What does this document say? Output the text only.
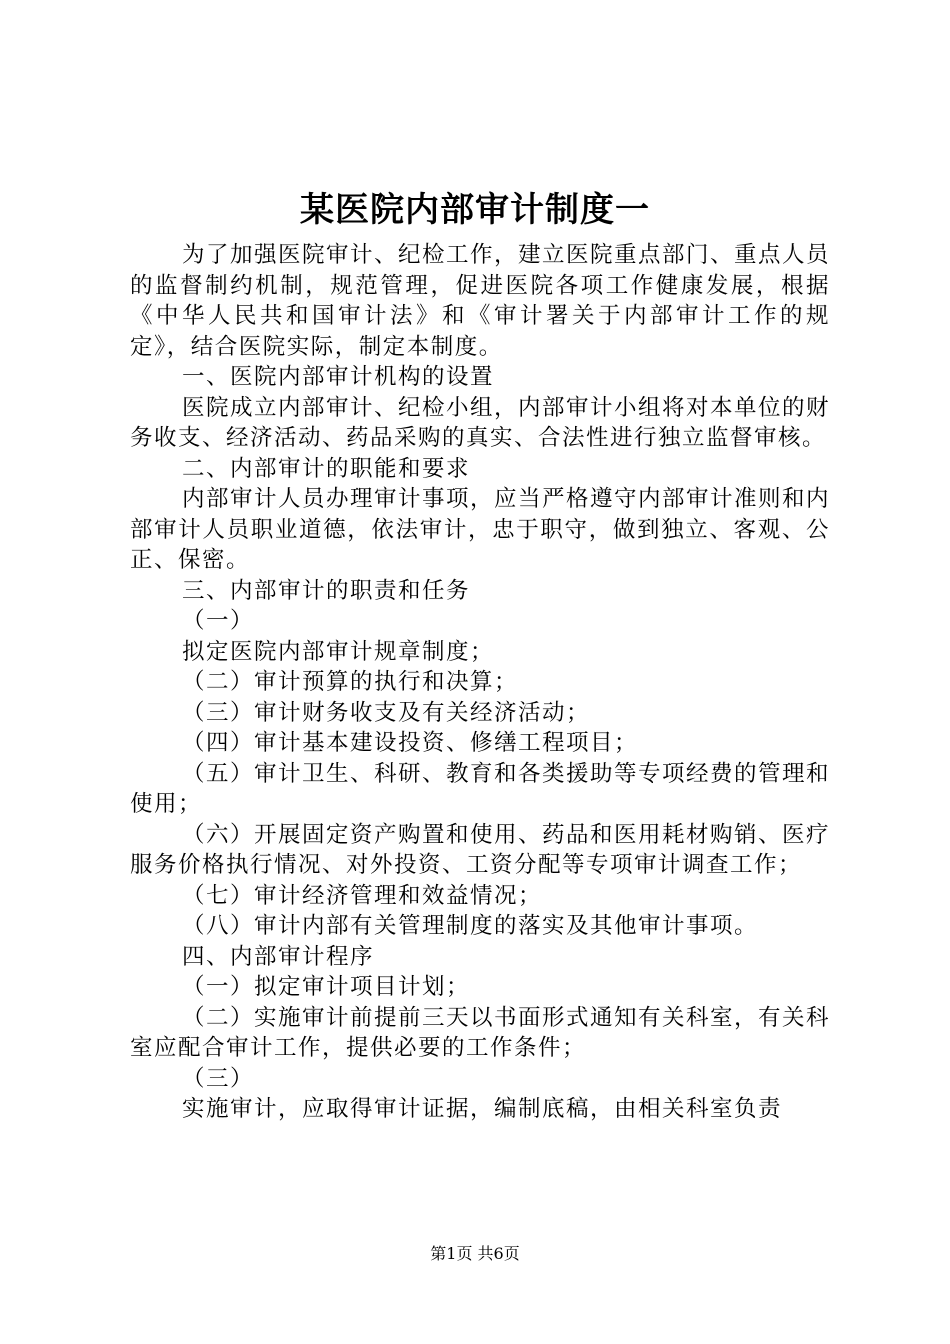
某医院内部审计制度一

为了加强医院审计、纪检工作，建立医院重点部门、重点人员的监督制约机制，规范管理，促进医院各项工作健康发展，根据《中华人民共和国审计法》和《审计署关于内部审计工作的规定》，结合医院实际，制定本制度。

一、医院内部审计机构的设置

医院成立内部审计、纪检小组，内部审计小组将对本单位的财务收支、经济活动、药品采购的真实、合法性进行独立监督审核。

二、内部审计的职能和要求

内部审计人员办理审计事项，应当严格遵守内部审计准则和内部审计人员职业道德，依法审计，忠于职守，做到独立、客观、公正、保密。

三、内部审计的职责和任务

（一）

拟定医院内部审计规章制度；

（二）审计预算的执行和决算；

（三）审计财务收支及有关经济活动；

（四）审计基本建设投资、修缮工程项目；

（五）审计卫生、科研、教育和各类援助等专项经费的管理和使用；

（六）开展固定资产购置和使用、药品和医用耗材购销、医疗服务价格执行情况、对外投资、工资分配等专项审计调查工作；

（七）审计经济管理和效益情况；

（八）审计内部有关管理制度的落实及其他审计事项。

四、内部审计程序

（一）拟定审计项目计划；

（二）实施审计前提前三天以书面形式通知有关科室，有关科室应配合审计工作，提供必要的工作条件；

（三）

实施审计，应取得审计证据，编制底稿，由相关科室负责

第1页 共6页
